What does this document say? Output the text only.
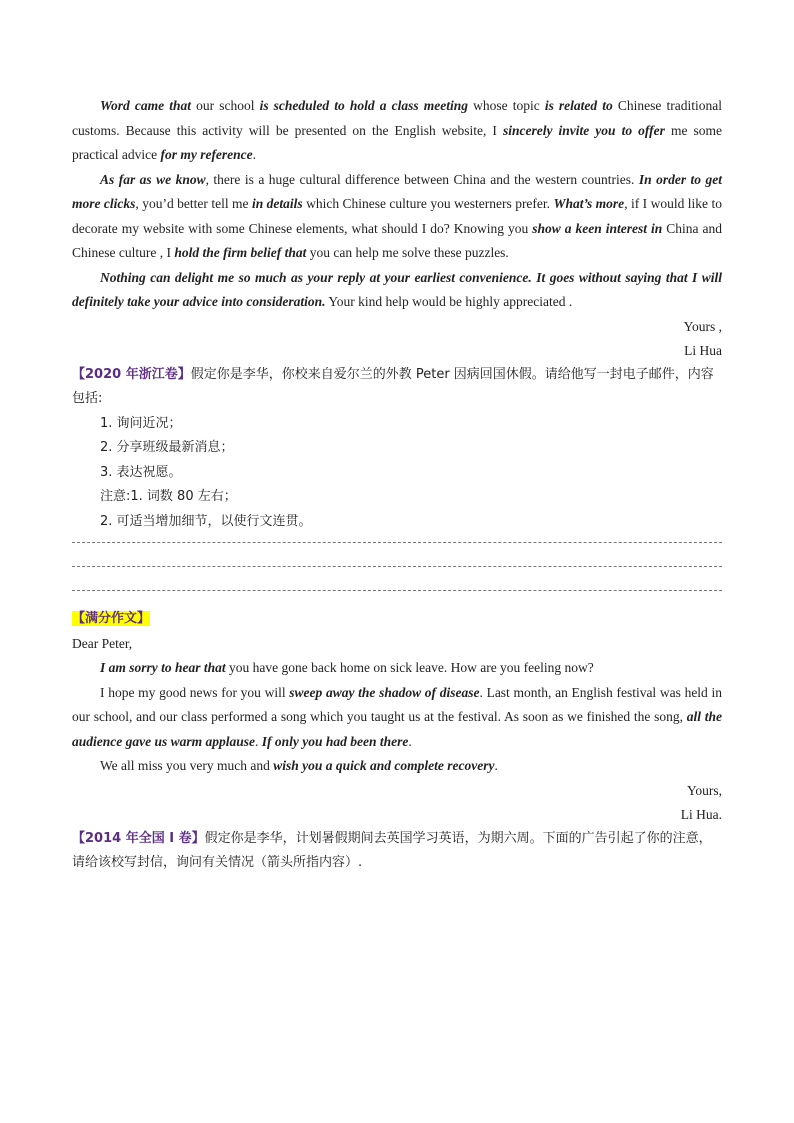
Word came that our school is scheduled to hold a class meeting whose topic is related to Chinese traditional customs. Because this activity will be presented on the English website, I sincerely invite you to offer me some practical advice for my reference.

As far as we know, there is a huge cultural difference between China and the western countries. In order to get more clicks, you’d better tell me in details which Chinese culture you westerners prefer. What’s more, if I would like to decorate my website with some Chinese elements, what should I do? Knowing you show a keen interest in China and Chinese culture , I hold the firm belief that you can help me solve these puzzles.

Nothing can delight me so much as your reply at your earliest convenience. It goes without saying that I will definitely take your advice into consideration. Your kind help would be highly appreciated .

Yours ,

Li Hua

【2020 年浙江卷】假定你是李华，你校来自爱尔兰的外教 Peter 因病回国休假。请给他写一封电子邮件，内容包括:

1. 询问近况；

2. 分享班级最新消息；

3. 表达祝愿。

注意:1. 词数 80 左右；

2. 可适当增加细节，以使行文连贯。

【满分作文】

Dear Peter,

I am sorry to hear that you have gone back home on sick leave. How are you feeling now?

I hope my good news for you will sweep away the shadow of disease. Last month, an English festival was held in our school, and our class performed a song which you taught us at the festival. As soon as we finished the song, all the audience gave us warm applause. If only you had been there.

We all miss you very much and wish you a quick and complete recovery.

Yours,

Li Hua.

【2014 年全国 I 卷】假定你是李华，计划暑假期间去英国学习英语，为期六周。下面的广告引起了你的注意，请给该校写封信，询问有关情况（箭头所指内容）.
